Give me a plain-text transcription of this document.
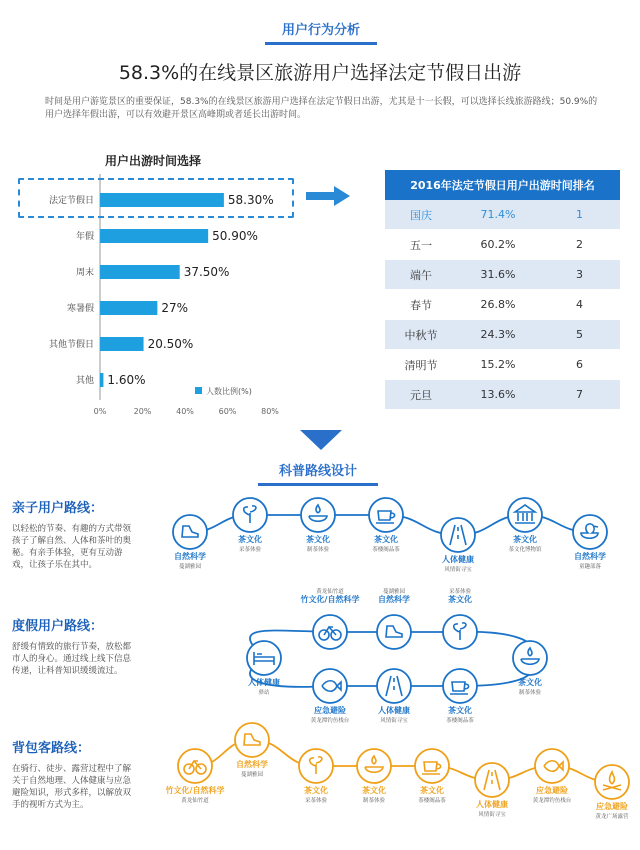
用户行为分析
58.3%的在线景区旅游用户选择法定节假日出游
时间是用户游览景区的重要保证，58.3%的在线景区旅游用户选择在法定节假日出游，尤其是十一长假，可以选择长线旅游路线；50.9%的用户选择年假出游，可以有效避开景区高峰期或者延长出游时间。
用户出游时间选择
法定节假日	58.30%
年假	50.90%
周末	37.50%
寒暑假	27%
其他节假日	20.50%
其他 1.60%
0%	20%	40%	60%	80%
人数比例(%)
2016年法定节假日用户出游时间排名		
国庆	71.4%	1
五一	60.2%	2
端午	31.6%	3
春节	26.8%	4
中秋节	24.3%	5
清明节	15.2%	6
元旦	13.6%	7
科普路线设计
亲子用户路线：
以轻松的节奏、有趣的方式带领孩子了解自然、人体和茶叶的奥秘。有亲手体验，更有互动游戏，让孩子乐在其中。
度假用户路线：
舒缓有情致的旅行节奏，放松都市人的身心。通过线上线下信息传递，让科普知识缓缓流过。
背包客路线：
在骑行、徒步、露营过程中了解关于自然地理、人体健康与应急避险知识，形式多样，以解放双手的视听方式为主。
自然科学
蔓湖雅园
茶文化
采茶体验
茶文化
制茶体验
茶文化
茶楼阁品茶
人体健康
风情街寻宝
茶文化
茶文化博物馆
自然科学
童趣部落
人体健康
驿站
竹文化/自然科学
黄龙仙竹道
自然科学
蔓湖雅园
茶文化
采茶体验
茶文化
制茶体验
茶文化
茶楼阁品茶
人体健康
风情街寻宝
应急避险
黄龙潭钓鱼栈台
竹文化/自然科学
黄龙仙竹道
自然科学
蔓湖雅园
茶文化
采茶体验
茶文化
制茶体验
茶文化
茶楼阁品茶	人体健康
风情街寻宝
应急避险
黄龙潭钓鱼栈台
应急避险
黄龙广场露营
